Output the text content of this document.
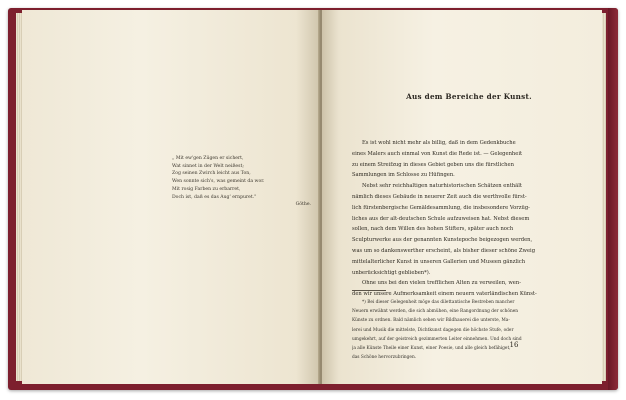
„ Mit ew'gen Zügen er sichert,
Wat sinnet in der Welt neißest;
Zog seinen Zwirch leicht aus Ton,
Wen sonnte sich's, was gemeint da wor.
Mit rosig Farben zu erbarret,
Doch ist, daß es das Aug' ernpuret."
Göthe.
Aus dem Bereiche der Kunst.
Es ist wohl nicht mehr als billig, daß in dem Gedenkbuche
eines Malers auch einmal von Kunst die Rede ist. — Gelegenheit
zu einem Streifzug in dieses Gebiet geben uns die fürstlichen
Sammlungen im Schlosse zu Hüfingen.
Nebst sehr reichhaltigen naturhistorischen Schätzen enthält
nämlich dieses Gebäude in neuerer Zeit auch die werthvolle fürst-
lich fürstenbergische Gemäldesammlung, die insbesondere Vorzüg-
liches aus der alt-deutschen Schule aufzuweisen hat. Nebst diesem
sollen, nach dem Willen des hohen Stifters, später auch noch
Sculpturwerke aus der genannten Kunstepoche beigezogen werden,
was um so dankenswerther erscheint, als bisher dieser schöne Zweig
mittelalterlicher Kunst in unseren Gallerien und Museen gänzlich
unberücksichtigt geblieben*).
Ohne uns bei den vielen trefflichen Alten zu verweilen, wen-
den wir unsere Aufmerksamkeit einem neuern vaterländischen Künst-
*) Bei dieser Gelegenheit möge das dilettantische Bestreben mancher
Neuern erwähnt werden, die sich abmühen, eine Rangordnung der schönen
Künste zu ordnen. Bald nämlich sehen wir Bildhauerei die unterste, Ma-
lerei und Musik die mittelste, Dichtkunst dagegen die höchste Stufe, oder
umgekehrt, auf der geistreich gezimmerten Leiter einnehmen. Und doch sind
ja alle Künste Theile einer Kunst, einer Poesie, und alle gleich befähiget,
das Schöne hervorzubringen.
16
